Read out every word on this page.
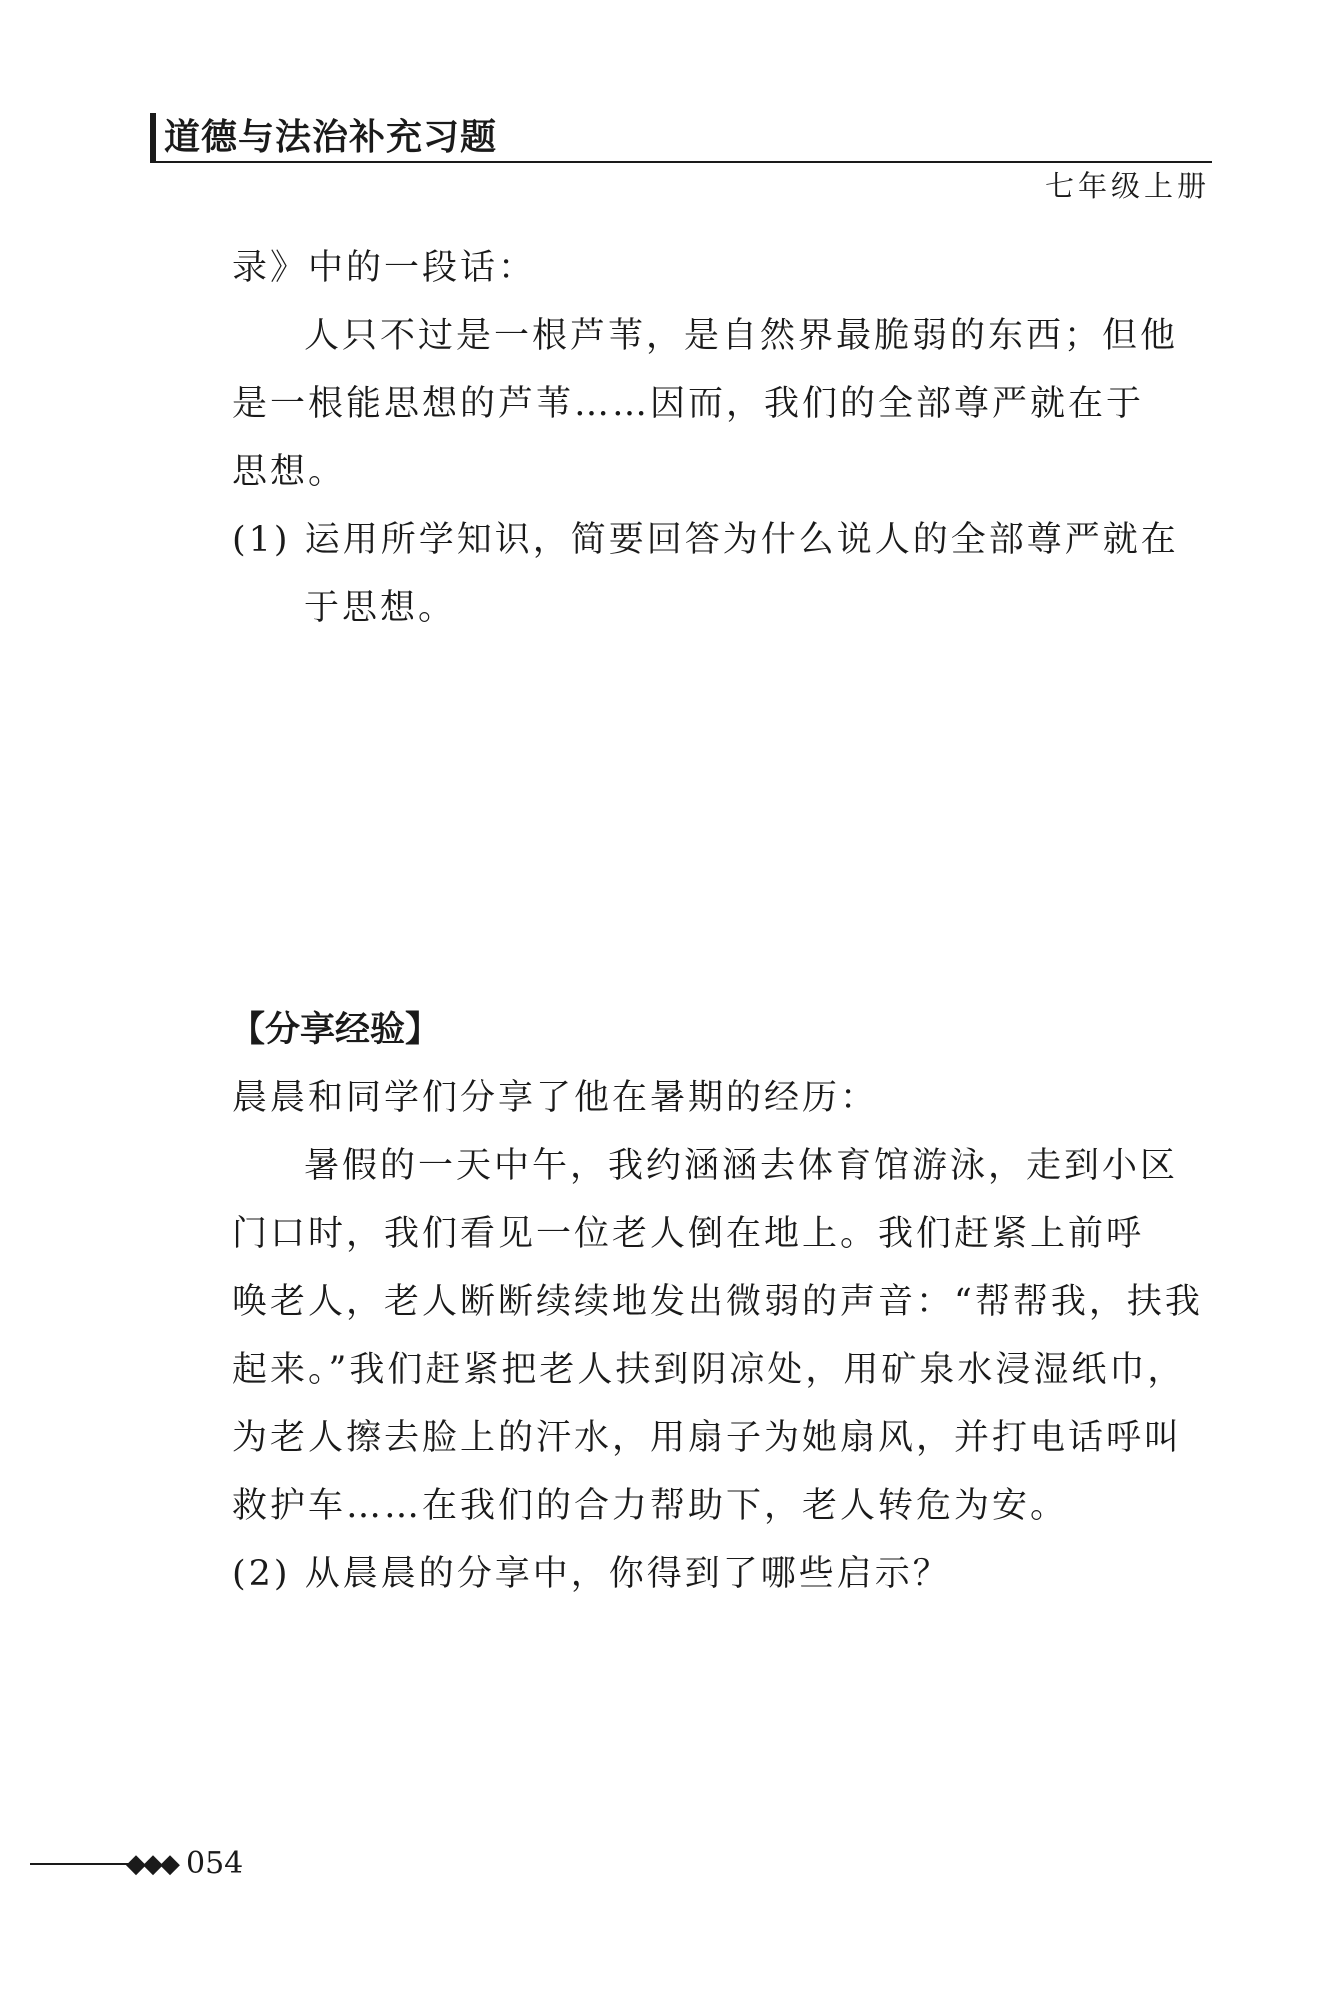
道德与法治补充习题
七年级上册
录》中的一段话：
人只不过是一根芦苇，是自然界最脆弱的东西；但他
是一根能思想的芦苇……因而，我们的全部尊严就在于
思想。
(1) 运用所学知识，简要回答为什么说人的全部尊严就在
于思想。
【分享经验】
晨晨和同学们分享了他在暑期的经历：
暑假的一天中午，我约涵涵去体育馆游泳，走到小区
门口时，我们看见一位老人倒在地上。我们赶紧上前呼
唤老人，老人断断续续地发出微弱的声音：“帮帮我，扶我
起来。”我们赶紧把老人扶到阴凉处，用矿泉水浸湿纸巾，
为老人擦去脸上的汗水，用扇子为她扇风，并打电话呼叫
救护车……在我们的合力帮助下，老人转危为安。
(2) 从晨晨的分享中，你得到了哪些启示？
◆◆◆ 054
